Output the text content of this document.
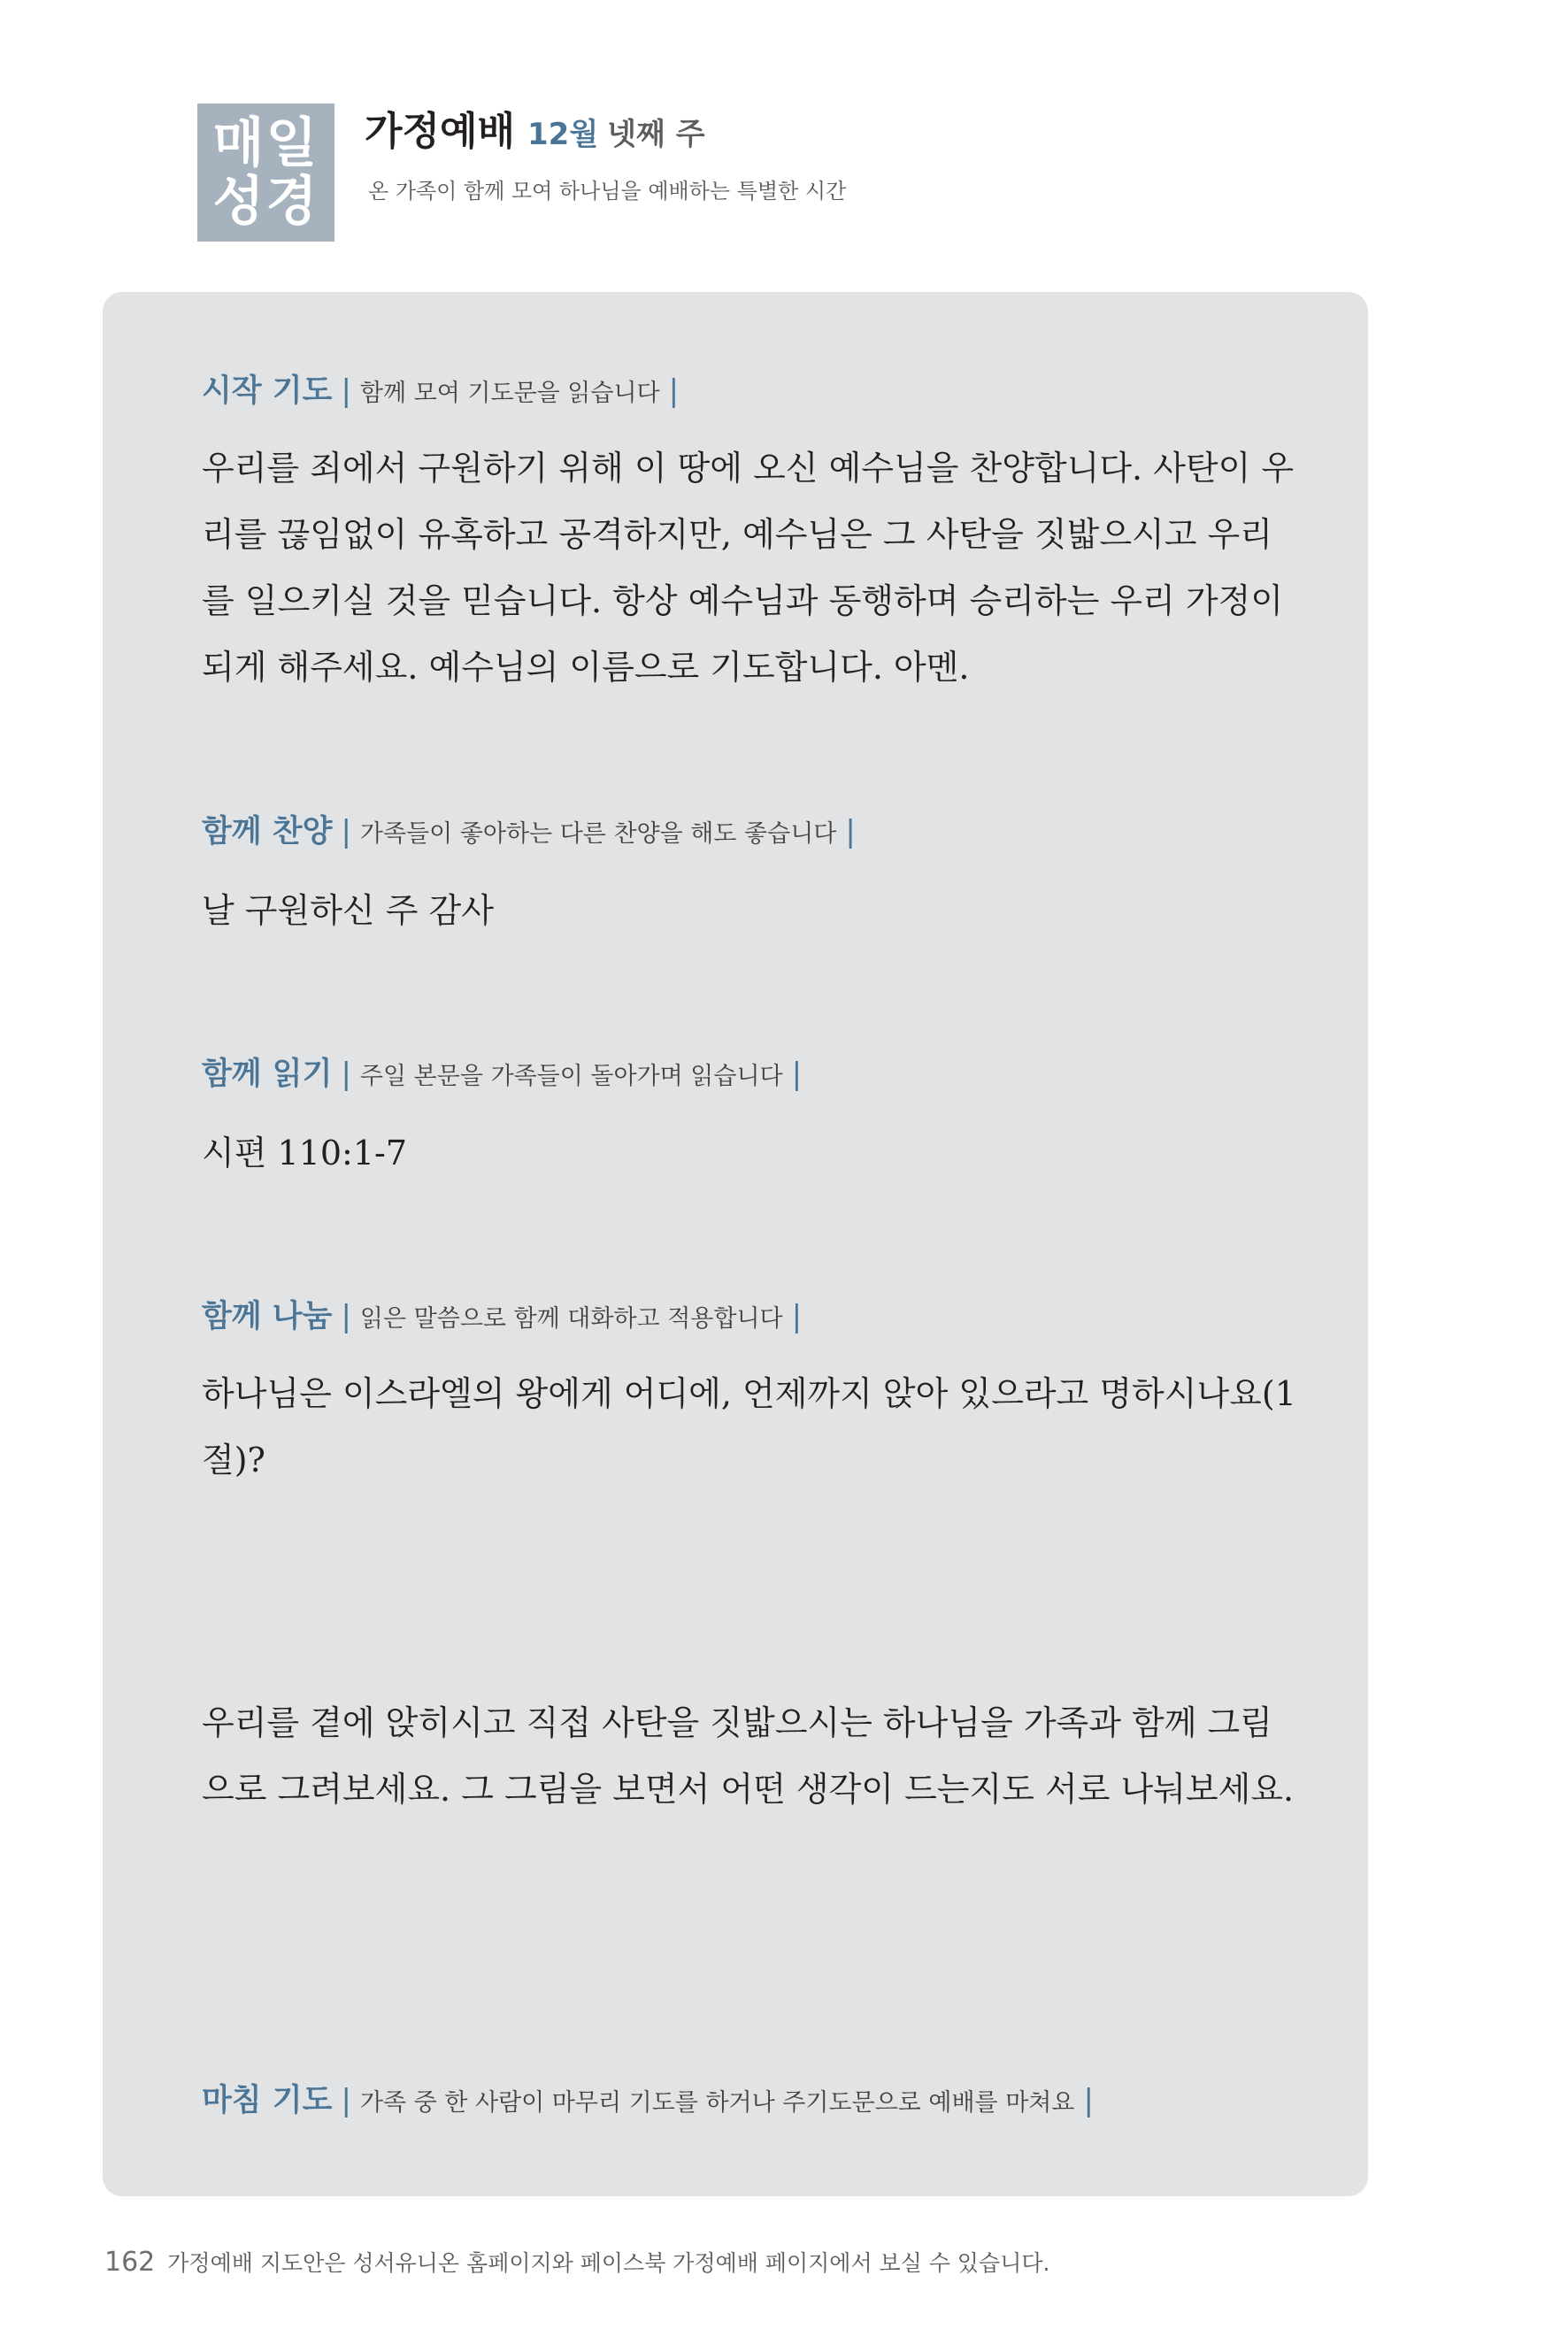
매일
성경
가정예배 12월 넷째 주
온 가족이 함께 모여 하나님을 예배하는 특별한 시간
시작 기도 | 함께 모여 기도문을 읽습니다 |
우리를 죄에서 구원하기 위해 이 땅에 오신 예수님을 찬양합니다. 사탄이 우리를 끊임없이 유혹하고 공격하지만, 예수님은 그 사탄을 짓밟으시고 우리를 일으키실 것을 믿습니다. 항상 예수님과 동행하며 승리하는 우리 가정이 되게 해주세요. 예수님의 이름으로 기도합니다. 아멘.
함께 찬양 | 가족들이 좋아하는 다른 찬양을 해도 좋습니다 |
날 구원하신 주 감사
함께 읽기 | 주일 본문을 가족들이 돌아가며 읽습니다 |
시편 110:1-7
함께 나눔 | 읽은 말씀으로 함께 대화하고 적용합니다 |
하나님은 이스라엘의 왕에게 어디에, 언제까지 앉아 있으라고 명하시나요(1절)?
우리를 곁에 앉히시고 직접 사탄을 짓밟으시는 하나님을 가족과 함께 그림으로 그려보세요. 그 그림을 보면서 어떤 생각이 드는지도 서로 나눠보세요.
마침 기도 | 가족 중 한 사람이 마무리 기도를 하거나 주기도문으로 예배를 마쳐요 |
162 가정예배 지도안은 성서유니온 홈페이지와 페이스북 가정예배 페이지에서 보실 수 있습니다.
